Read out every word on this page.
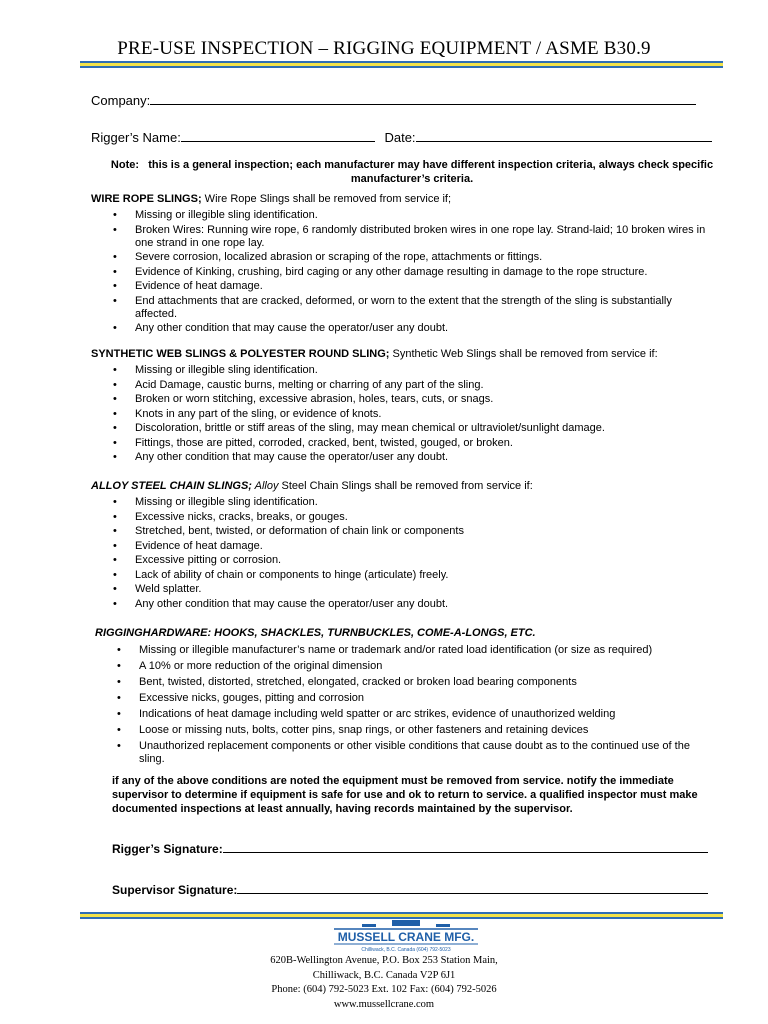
PRE-USE INSPECTION – RIGGING EQUIPMENT / ASME B30.9
Company:
Rigger’s Name:	Date:
Note: this is a general inspection; each manufacturer may have different inspection criteria, always check specific manufacturer’s criteria.
WIRE ROPE SLINGS; Wire Rope Slings shall be removed from service if;
• Missing or illegible sling identification.
• Broken Wires: Running wire rope, 6 randomly distributed broken wires in one rope lay. Strand-laid; 10 broken wires in one strand in one rope lay.
• Severe corrosion, localized abrasion or scraping of the rope, attachments or fittings.
• Evidence of Kinking, crushing, bird caging or any other damage resulting in damage to the rope structure.
• Evidence of heat damage.
• End attachments that are cracked, deformed, or worn to the extent that the strength of the sling is substantially affected.
• Any other condition that may cause the operator/user any doubt.
SYNTHETIC WEB SLINGS & POLYESTER ROUND SLING; Synthetic Web Slings shall be removed from service if:
• Missing or illegible sling identification.
• Acid Damage, caustic burns, melting or charring of any part of the sling.
• Broken or worn stitching, excessive abrasion, holes, tears, cuts, or snags.
• Knots in any part of the sling, or evidence of knots.
• Discoloration, brittle or stiff areas of the sling, may mean chemical or ultraviolet/sunlight damage.
• Fittings, those are pitted, corroded, cracked, bent, twisted, gouged, or broken.
• Any other condition that may cause the operator/user any doubt.
ALLOY STEEL CHAIN SLINGS; Alloy Steel Chain Slings shall be removed from service if:
• Missing or illegible sling identification.
• Excessive nicks, cracks, breaks, or gouges.
• Stretched, bent, twisted, or deformation of chain link or components
• Evidence of heat damage.
• Excessive pitting or corrosion.
• Lack of ability of chain or components to hinge (articulate) freely.
• Weld splatter.
• Any other condition that may cause the operator/user any doubt.
RIGGINGHARDWARE: HOOKS, SHACKLES, TURNBUCKLES, COME-A-LONGS, ETC.
• Missing or illegible manufacturer’s name or trademark and/or rated load identification (or size as required)
• A 10% or more reduction of the original dimension
• Bent, twisted, distorted, stretched, elongated, cracked or broken load bearing components
• Excessive nicks, gouges, pitting and corrosion
• Indications of heat damage including weld spatter or arc strikes, evidence of unauthorized welding
• Loose or missing nuts, bolts, cotter pins, snap rings, or other fasteners and retaining devices
• Unauthorized replacement components or other visible conditions that cause doubt as to the continued use of the sling.
if any of the above conditions are noted the equipment must be removed from service. notify the immediate supervisor to determine if equipment is safe for use and ok to return to service. a qualified inspector must make documented inspections at least annually, having records maintained by the supervisor.
Rigger’s Signature:
Supervisor Signature:
MUSSELL CRANE MFG.
Chilliwack, B.C. Canada (604) 792-5023
620B-Wellington Avenue, P.O. Box 253 Station Main,
Chilliwack, B.C. Canada V2P 6J1
Phone: (604) 792-5023 Ext. 102 Fax: (604) 792-5026
www.mussellcrane.com
